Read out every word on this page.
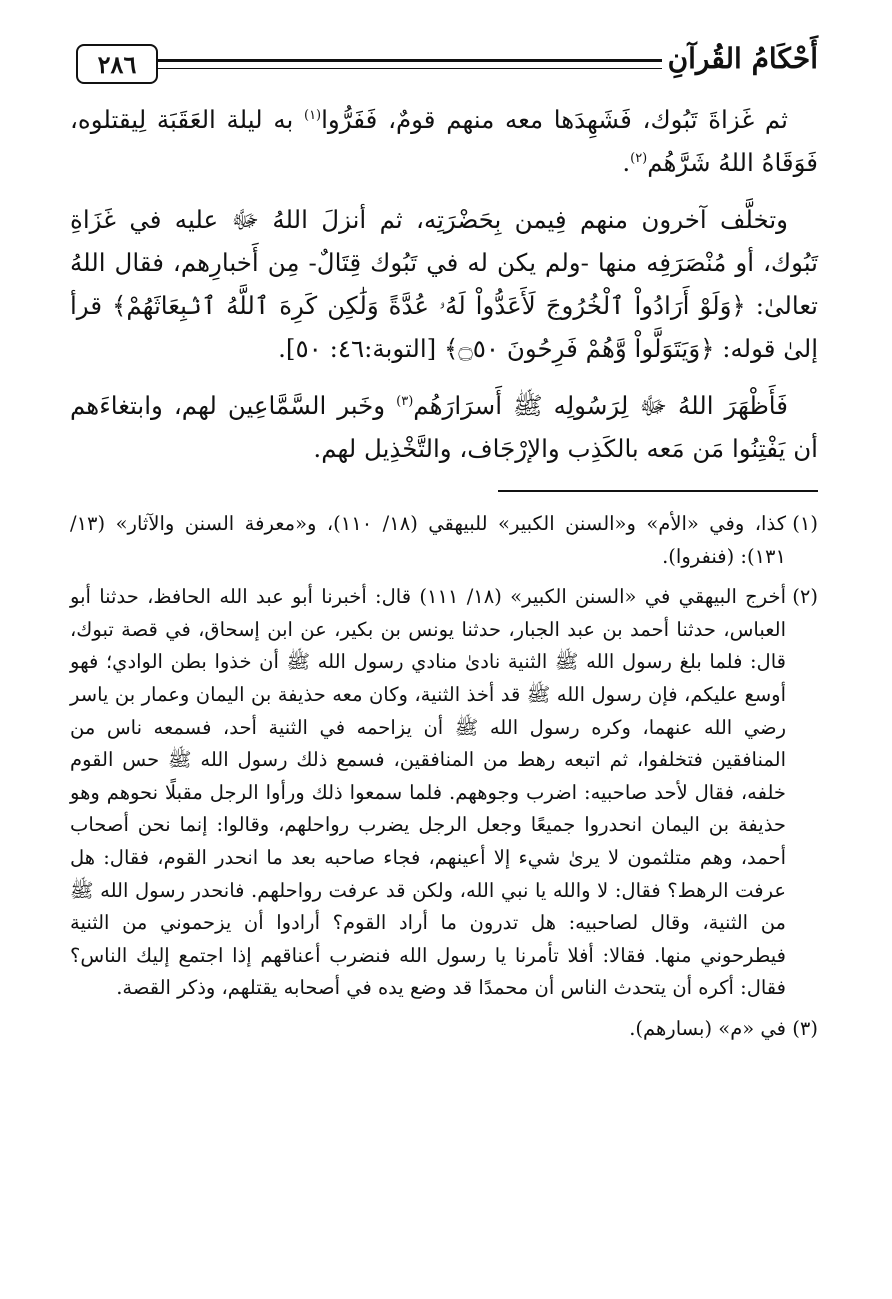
٢٨٦	أَحْكَامُ القُرآنِ

ثم غَزاةَ تَبُوك، فَشَهِدَها معه منهم قومٌ، فَفَرُّوا$^{(١)}$ به ليلة العَقَبَة لِيقتلوه، فَوَقَاهُ اللهُ شَرَّهُم$^{(٢)}$.

وتخلَّف آخرون منهم فِيمن بِحَضْرَتِه، ثم أنزلَ اللهُ ﷻ عليه في غَزَاةِ تَبُوك، أو مُنْصَرَفِه منها -ولم يكن له في تَبُوك قِتَالٌ- مِن أَخبارِهم، فقال اللهُ تعالىٰ: ﴿وَلَوْ أَرَادُواْ ٱلْخُرُوجَ لَأَعَدُّواْ لَهُۥ عُدَّةً وَلَٰكِن كَرِهَ ٱللَّهُ ٱنۢبِعَاثَهُمْ﴾ قرأ إلىٰ قوله: ﴿وَيَتَوَلَّواْ وَّهُمْ فَرِحُونَ ۝٥٠﴾ [التوبة:٤٦: ٥٠].

فَأَظْهَرَ اللهُ ﷻ لِرَسُولِه ﷺ أَسرَارَهُم$^{(٣)}$ وخَبر السَّمَّاعِين لهم، وابتغاءَهم أن يَفْتِنُوا مَن مَعه بالكَذِب والإرْجَاف، والتَّخْذِيل لهم.

(١)كذا، وفي «الأم» و«السنن الكبير» للبيهقي (١٨/ ١١٠)، و«معرفة السنن والآثار» (١٣/ ١٣١): (فنفروا).
(٢)أخرج البيهقي في «السنن الكبير» (١٨/ ١١١) قال: أخبرنا أبو عبد الله الحافظ، حدثنا أبو العباس، حدثنا أحمد بن عبد الجبار، حدثنا يونس بن بكير، عن ابن إسحاق، في قصة تبوك، قال: فلما بلغ رسول الله ﷺ الثنية نادىٰ منادي رسول الله ﷺ أن خذوا بطن الوادي؛ فهو أوسع عليكم، فإن رسول الله ﷺ قد أخذ الثنية، وكان معه حذيفة بن اليمان وعمار بن ياسر رضي الله عنهما، وكره رسول الله ﷺ أن يزاحمه في الثنية أحد، فسمعه ناس من المنافقين فتخلفوا، ثم اتبعه رهط من المنافقين، فسمع ذلك رسول الله ﷺ حس القوم خلفه، فقال لأحد صاحبيه: اضرب وجوههم. فلما سمعوا ذلك ورأوا الرجل مقبلًا نحوهم وهو حذيفة بن اليمان انحدروا جميعًا وجعل الرجل يضرب رواحلهم، وقالوا: إنما نحن أصحاب أحمد، وهم متلثمون لا يرىٰ شيء إلا أعينهم، فجاء صاحبه بعد ما انحدر القوم، فقال: هل عرفت الرهط؟ فقال: لا والله يا نبي الله، ولكن قد عرفت رواحلهم. فانحدر رسول الله ﷺ من الثنية، وقال لصاحبيه: هل تدرون ما أراد القوم؟ أرادوا أن يزحموني من الثنية فيطرحوني منها. فقالا: أفلا تأمرنا يا رسول الله فنضرب أعناقهم إذا اجتمع إليك الناس؟ فقال: أكره أن يتحدث الناس أن محمدًا قد وضع يده في أصحابه يقتلهم، وذكر القصة.
(٣)في «م» (بسارهم).
